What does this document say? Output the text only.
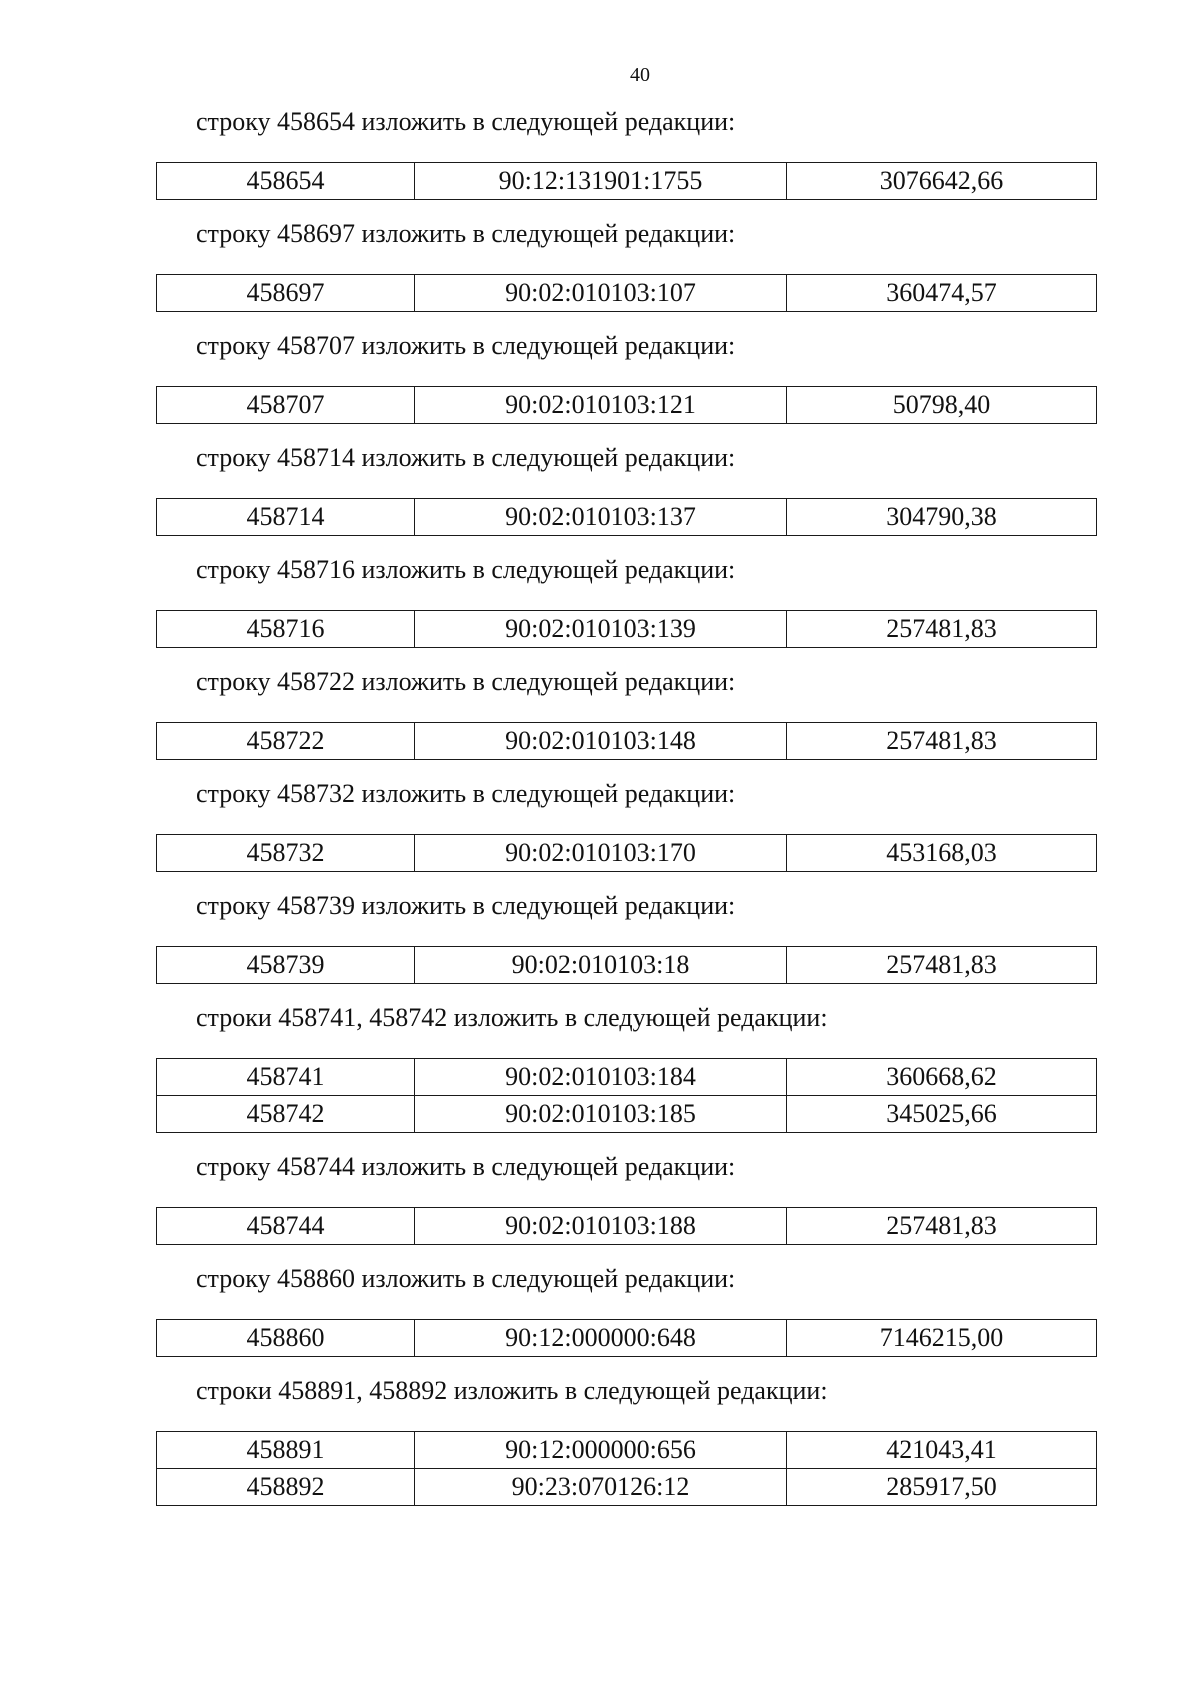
40
строку 458654 изложить в следующей редакции:
458654	90:12:131901:1755	3076642,66
строку 458697 изложить в следующей редакции:
458697	90:02:010103:107	360474,57
строку 458707 изложить в следующей редакции:
458707	90:02:010103:121	50798,40
строку 458714 изложить в следующей редакции:
458714	90:02:010103:137	304790,38
строку 458716 изложить в следующей редакции:
458716	90:02:010103:139	257481,83
строку 458722 изложить в следующей редакции:
458722	90:02:010103:148	257481,83
строку 458732 изложить в следующей редакции:
458732	90:02:010103:170	453168,03
строку 458739 изложить в следующей редакции:
458739	90:02:010103:18	257481,83
строки 458741, 458742 изложить в следующей редакции:
458741	90:02:010103:184	360668,62
458742	90:02:010103:185	345025,66
строку 458744 изложить в следующей редакции:
458744	90:02:010103:188	257481,83
строку 458860 изложить в следующей редакции:
458860	90:12:000000:648	7146215,00
строки 458891, 458892 изложить в следующей редакции:
458891	90:12:000000:656	421043,41
458892	90:23:070126:12	285917,50
